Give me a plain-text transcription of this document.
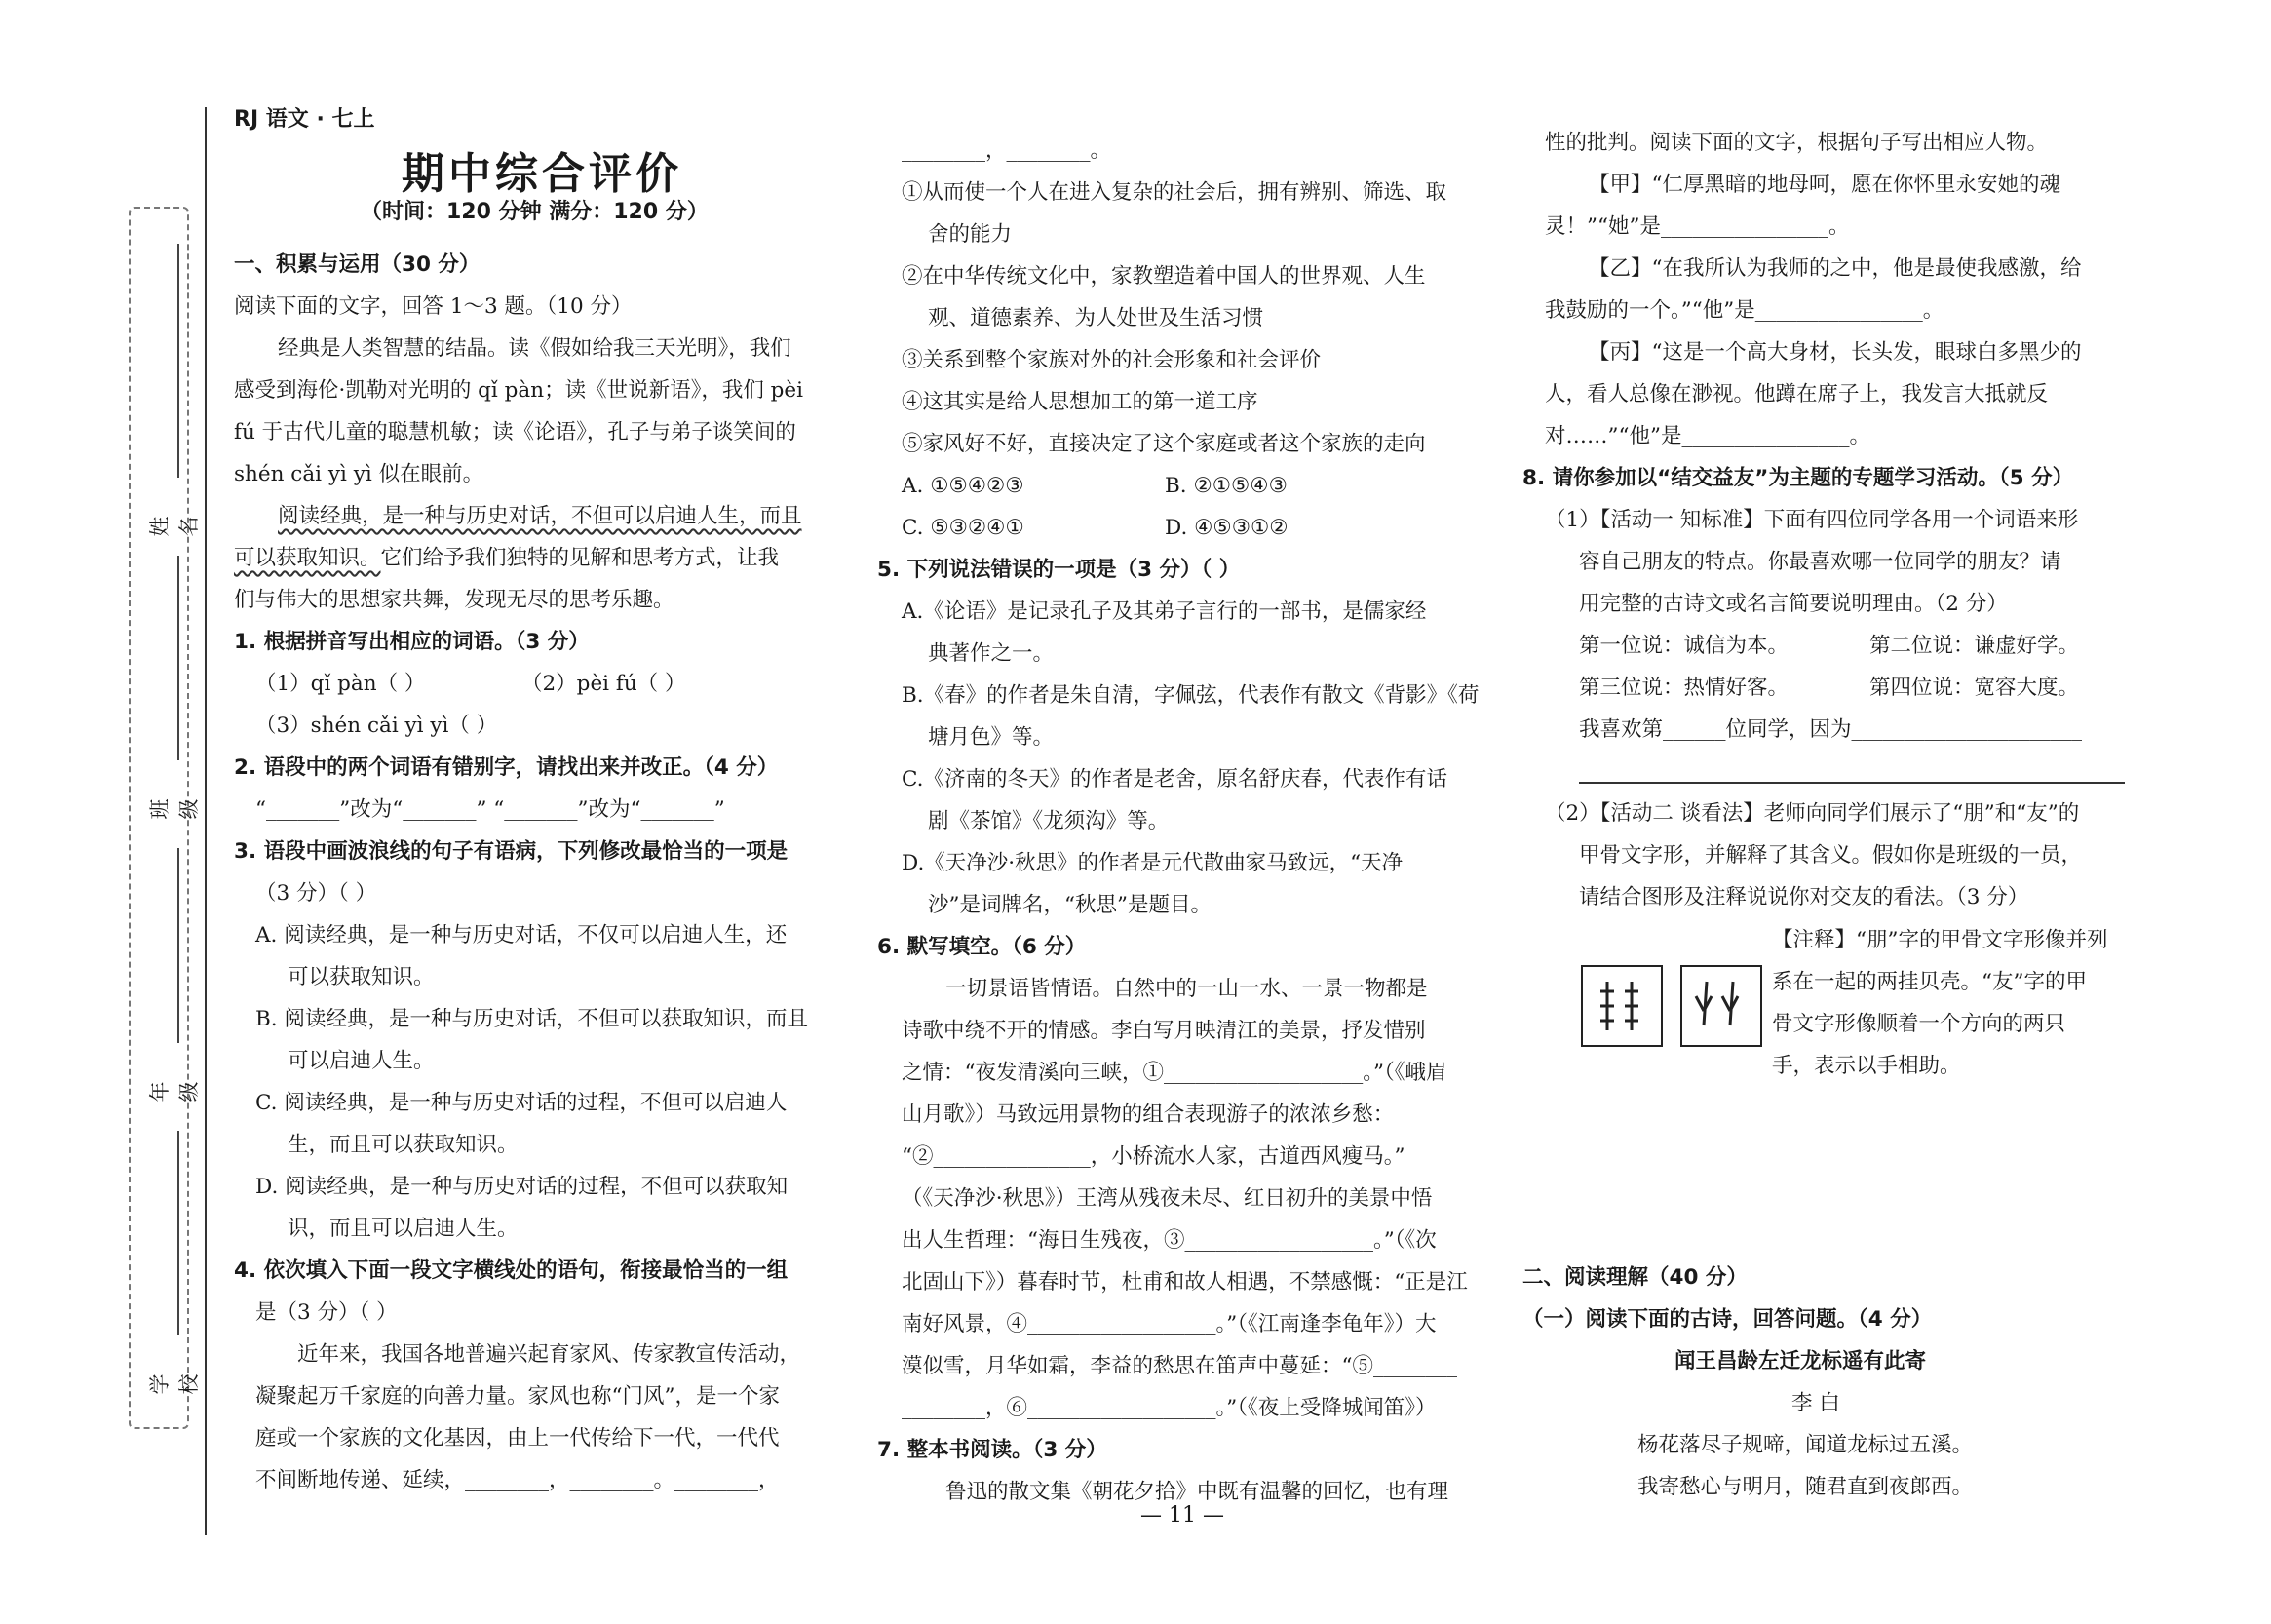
姓名
班级
年级
学校
RJ 语文 · 七上
期中综合评价
（时间：120 分钟 满分：120 分）
一、积累与运用（30 分）
阅读下面的文字，回答 1～3 题。（10 分）
经典是人类智慧的结晶。读《假如给我三天光明》，我们
感受到海伦·凯勒对光明的 qǐ pàn；读《世说新语》，我们 pèi
fú 于古代儿童的聪慧机敏；读《论语》，孔子与弟子谈笑间的
shén cǎi yì yì 似在眼前。
阅读经典，是一种与历史对话，不但可以启迪人生，而且
可以获取知识。它们给予我们独特的见解和思考方式，让我
们与伟大的思想家共舞，发现无尽的思考乐趣。
1. 根据拼音写出相应的词语。（3 分）
（1）qǐ pàn（ ）	（2）pèi fú（ ）
（3）shén cǎi yì yì（ ）
2. 语段中的两个词语有错别字，请找出来并改正。（4 分）
“_______”改为“_______” “_______”改为“_______”
3. 语段中画波浪线的句子有语病，下列修改最恰当的一项是
（3 分）（ ）
A. 阅读经典，是一种与历史对话，不仅可以启迪人生，还
可以获取知识。
B. 阅读经典，是一种与历史对话，不但可以获取知识，而且
可以启迪人生。
C. 阅读经典，是一种与历史对话的过程，不但可以启迪人
生，而且可以获取知识。
D. 阅读经典，是一种与历史对话的过程，不但可以获取知
识，而且可以启迪人生。
4. 依次填入下面一段文字横线处的语句，衔接最恰当的一组
是（3 分）（ ）
近年来，我国各地普遍兴起育家风、传家教宣传活动，
凝聚起万千家庭的向善力量。家风也称“门风”，是一个家
庭或一个家族的文化基因，由上一代传给下一代，一代代
不间断地传递、延续，________，________。________，
________，________。
①从而使一个人在进入复杂的社会后，拥有辨别、筛选、取
舍的能力
②在中华传统文化中，家教塑造着中国人的世界观、人生
观、道德素养、为人处世及生活习惯
③关系到整个家族对外的社会形象和社会评价
④这其实是给人思想加工的第一道工序
⑤家风好不好，直接决定了这个家庭或者这个家族的走向
A. ①⑤④②③	B. ②①⑤④③
C. ⑤③②④①	D. ④⑤③①②
5. 下列说法错误的一项是（3 分）（ ）
A.《论语》是记录孔子及其弟子言行的一部书，是儒家经
典著作之一。
B.《春》的作者是朱自清，字佩弦，代表作有散文《背影》《荷
塘月色》等。
C.《济南的冬天》的作者是老舍，原名舒庆春，代表作有话
剧《茶馆》《龙须沟》等。
D.《天净沙·秋思》的作者是元代散曲家马致远，“天净
沙”是词牌名，“秋思”是题目。
6. 默写填空。（6 分）
一切景语皆情语。自然中的一山一水、一景一物都是
诗歌中绕不开的情感。李白写月映清江的美景，抒发惜别
之情：“夜发清溪向三峡，①___________________。”（《峨眉
山月歌》）马致远用景物的组合表现游子的浓浓乡愁：
“②_______________，小桥流水人家，古道西风瘦马。”
（《天净沙·秋思》）王湾从残夜未尽、红日初升的美景中悟
出人生哲理：“海日生残夜，③__________________。”（《次
北固山下》）暮春时节，杜甫和故人相遇，不禁感慨：“正是江
南好风景，④__________________。”（《江南逢李龟年》）大
漠似雪，月华如霜，李益的愁思在笛声中蔓延：“⑤________
________，⑥__________________。”（《夜上受降城闻笛》）
7. 整本书阅读。（3 分）
鲁迅的散文集《朝花夕拾》中既有温馨的回忆，也有理
— 11 —
性的批判。阅读下面的文字，根据句子写出相应人物。
【甲】“仁厚黑暗的地母呵，愿在你怀里永安她的魂
灵！”“她”是________________。
【乙】“在我所认为我师的之中，他是最使我感激，给
我鼓励的一个。”“他”是________________。
【丙】“这是一个高大身材，长头发，眼球白多黑少的
人，看人总像在渺视。他蹲在席子上，我发言大抵就反
对……”“他”是________________。
8. 请你参加以“结交益友”为主题的专题学习活动。（5 分）
（1）【活动一 知标准】下面有四位同学各用一个词语来形
容自己朋友的特点。你最喜欢哪一位同学的朋友？请
用完整的古诗文或名言简要说明理由。（2 分）
第一位说：诚信为本。	第二位说：谦虚好学。
第三位说：热情好客。	第四位说：宽容大度。
我喜欢第______位同学，因为______________________
（2）【活动二 谈看法】老师向同学们展示了“朋”和“友”的
甲骨文字形，并解释了其含义。假如你是班级的一员，
请结合图形及注释说说你对交友的看法。（3 分）
【注释】“朋”字的甲骨文字形像并列
系在一起的两挂贝壳。“友”字的甲
骨文字形像顺着一个方向的两只
手，表示以手相助。
二、阅读理解（40 分）
（一）阅读下面的古诗，回答问题。（4 分）
闻王昌龄左迁龙标遥有此寄
李 白
杨花落尽子规啼，闻道龙标过五溪。
我寄愁心与明月，随君直到夜郎西。
